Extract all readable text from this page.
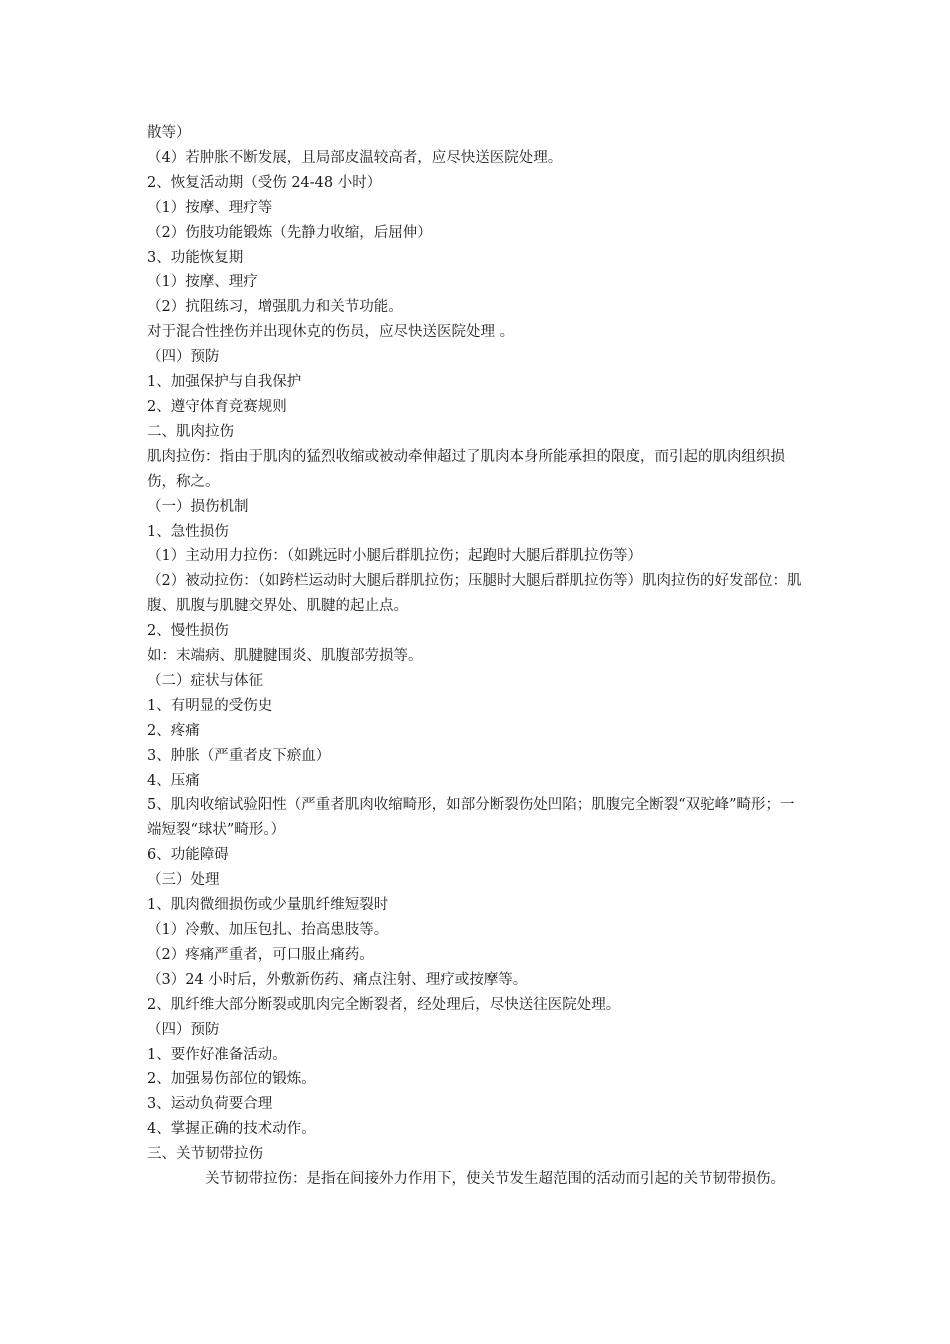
散等）

（4）若肿胀不断发展，且局部皮温较高者，应尽快送医院处理。

2、恢复活动期（受伤 24-48 小时）

（1）按摩、理疗等

（2）伤肢功能锻炼（先静力收缩，后屈伸）

3、功能恢复期

（1）按摩、理疗

（2）抗阻练习，增强肌力和关节功能。

对于混合性挫伤并出现休克的伤员，应尽快送医院处理 。

（四）预防

1、加强保护与自我保护

2、遵守体育竞赛规则

二、肌肉拉伤

肌肉拉伤：指由于肌肉的猛烈收缩或被动牵伸超过了肌肉本身所能承担的限度，而引起的肌肉组织损伤，称之。

（一）损伤机制

1、急性损伤

（1）主动用力拉伤：（如跳远时小腿后群肌拉伤；起跑时大腿后群肌拉伤等）

（2）被动拉伤：（如跨栏运动时大腿后群肌拉伤；压腿时大腿后群肌拉伤等）肌肉拉伤的好发部位：肌腹、肌腹与肌腱交界处、肌腱的起止点。

2、慢性损伤

如：末端病、肌腱腱围炎、肌腹部劳损等。

（二）症状与体征

1、有明显的受伤史

2、疼痛

3、肿胀（严重者皮下瘀血）

4、压痛

5、肌肉收缩试验阳性（严重者肌肉收缩畸形，如部分断裂伤处凹陷；肌腹完全断裂“双驼峰”畸形；一端短裂“球状”畸形。）

6、功能障碍

（三）处理

1、肌肉微细损伤或少量肌纤维短裂时

（1）冷敷、加压包扎、抬高患肢等。

（2）疼痛严重者，可口服止痛药。

（3）24 小时后，外敷新伤药、痛点注射、理疗或按摩等。

2、肌纤维大部分断裂或肌肉完全断裂者，经处理后，尽快送往医院处理。

（四）预防

1、要作好准备活动。

2、加强易伤部位的锻炼。

3、运动负荷要合理

4、掌握正确的技术动作。

三、关节韧带拉伤

关节韧带拉伤：是指在间接外力作用下，使关节发生超范围的活动而引起的关节韧带损伤。
